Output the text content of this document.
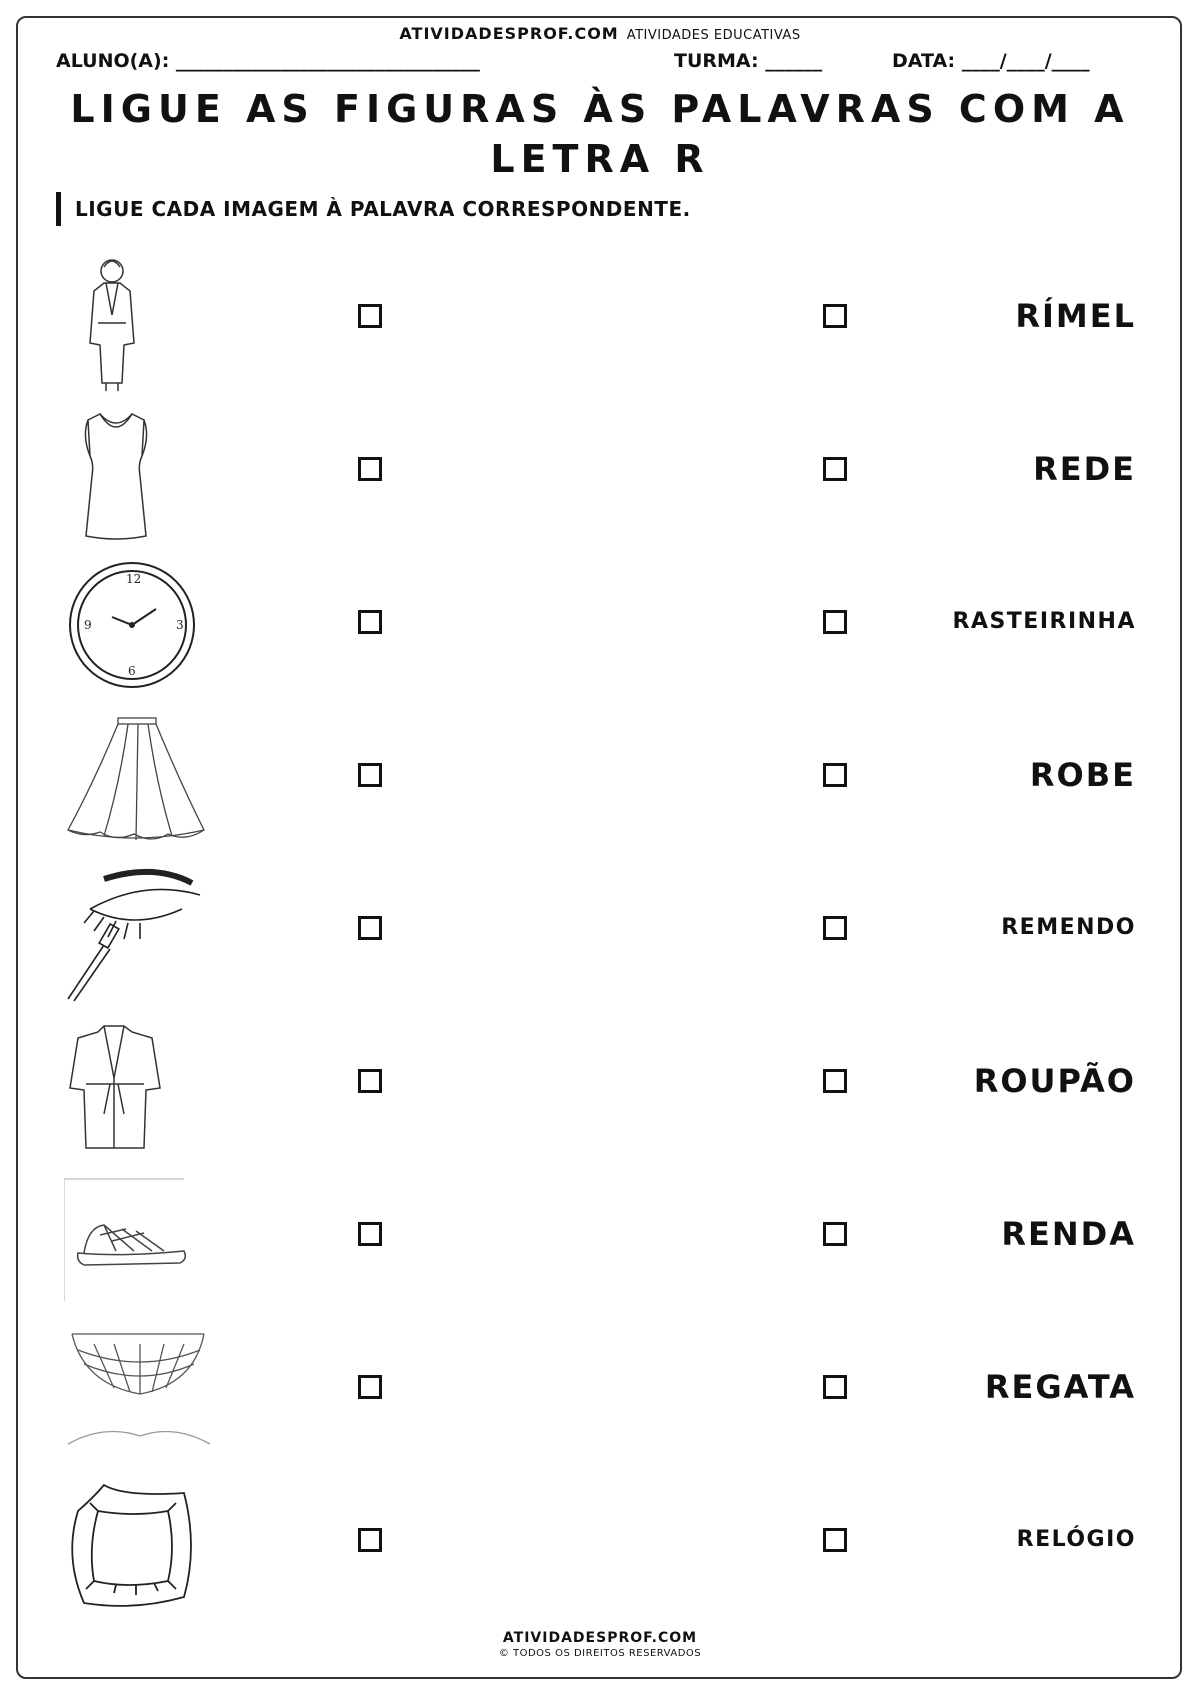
ATIVIDADESPROF.COM ATIVIDADES EDUCATIVAS
ALUNO(A): ________________________________	TURMA: ______	DATA: ____/____/____
LIGUE AS FIGURAS ÀS PALAVRAS COM A
LETRA R
LIGUE CADA IMAGEM À PALAVRA CORRESPONDENTE.
RÍMEL
REDE
12
3
6
9	RASTEIRINHA
ROBE
REMENDO
ROUPÃO
RENDA
REGATA
RELÓGIO
ATIVIDADESPROF.COM
© TODOS OS DIREITOS RESERVADOS
